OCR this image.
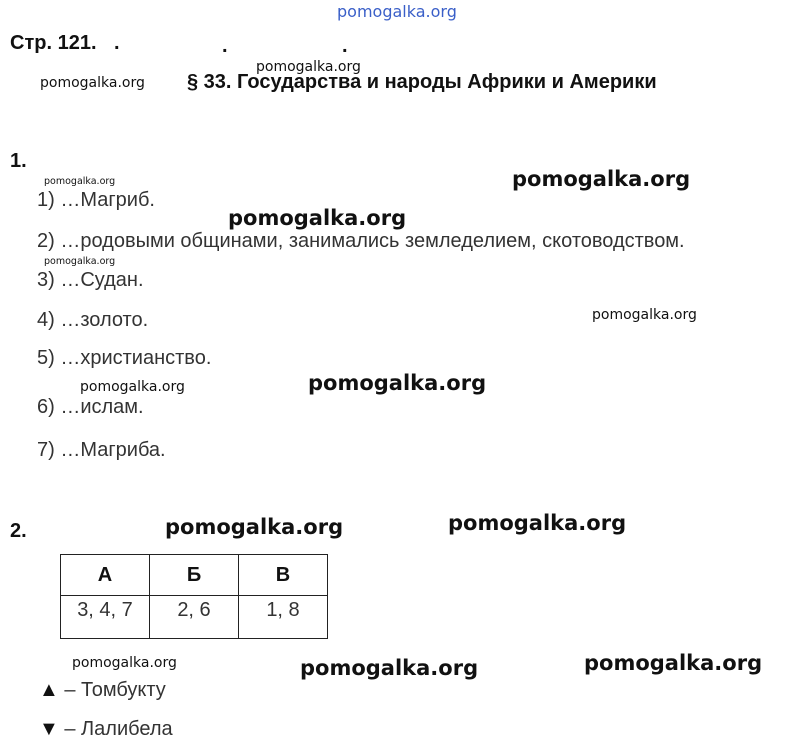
pomogalka.org
pomogalka.org
pomogalka.org
pomogalka.org
pomogalka.org
pomogalka.org
pomogalka.org
pomogalka.org
pomogalka.org
pomogalka.org
pomogalka.org	pomogalka.org
pomogalka.org	pomogalka.org	pomogalka.org
Стр. 121. .	.	.
§ 33. Государства и народы Африки и Америки
1.
1) …Магриб.
2) …родовыми общинами, занимались земледелием, скотоводством.
3) …Судан.
4) …золото.
5) …христианство.
6) …ислам.
7) …Магриба.
2.
А	Б	В
3, 4, 7	2, 6	1, 8
▲ – Томбукту
▼ – Лалибела
